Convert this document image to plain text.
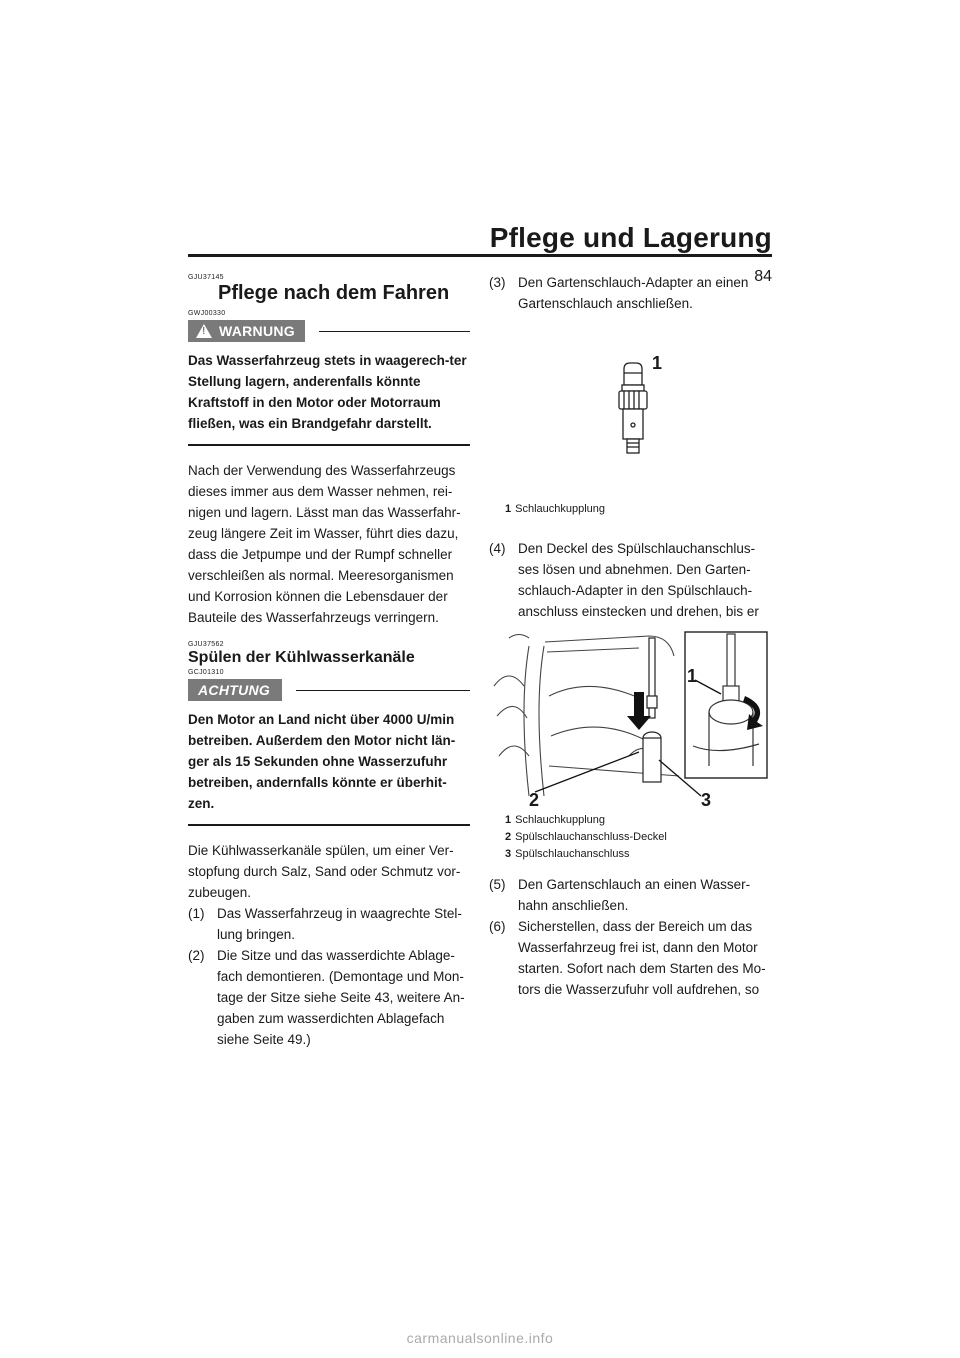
Pflege und Lagerung
84
GJU37145
Pflege nach dem Fahren
GWJ00330
! WARNUNG

Das Wasserfahrzeug stets in waagerech-ter Stellung lagern, anderenfalls könnte Kraftstoff in den Motor oder Motorraum fließen, was ein Brandgefahr darstellt.

Nach der Verwendung des Wasserfahrzeugs dieses immer aus dem Wasser nehmen, rei-nigen und lagern. Lässt man das Wasserfahr-zeug längere Zeit im Wasser, führt dies dazu, dass die Jetpumpe und der Rumpf schneller verschleißen als normal. Meeresorganismen und Korrosion können die Lebensdauer der Bauteile des Wasserfahrzeugs verringern.

GJU37562
Spülen der Kühlwasserkanäle
GCJ01310
ACHTUNG

Den Motor an Land nicht über 4000 U/min betreiben. Außerdem den Motor nicht län-ger als 15 Sekunden ohne Wasserzufuhr betreiben, andernfalls könnte er überhit-zen.

Die Kühlwasserkanäle spülen, um einer Ver-stopfung durch Salz, Sand oder Schmutz vor-zubeugen.

(1) Das Wasserfahrzeug in waagrechte Stel-lung bringen.
(2) Die Sitze und das wasserdichte Ablage-fach demontieren. (Demontage und Mon-tage der Sitze siehe Seite 43, weitere An-gaben zum wasserdichten Ablagefach siehe Seite 49.)
(3) Den Gartenschlauch-Adapter an einen Gartenschlauch anschließen.
1
1 Schlauchkupplung
(4) Den Deckel des Spülschlauchanschlus-ses lösen und abnehmen. Den Garten-schlauch-Adapter in den Spülschlauch-anschluss einstecken und drehen, bis er
1
2	3
1 Schlauchkupplung
2 Spülschlauchanschluss-Deckel
3 Spülschlauchanschluss
(5) Den Gartenschlauch an einen Wasser-hahn anschließen.
(6) Sicherstellen, dass der Bereich um das Wasserfahrzeug frei ist, dann den Motor starten. Sofort nach dem Starten des Mo-tors die Wasserzufuhr voll aufdrehen, so
carmanualsonline.info
